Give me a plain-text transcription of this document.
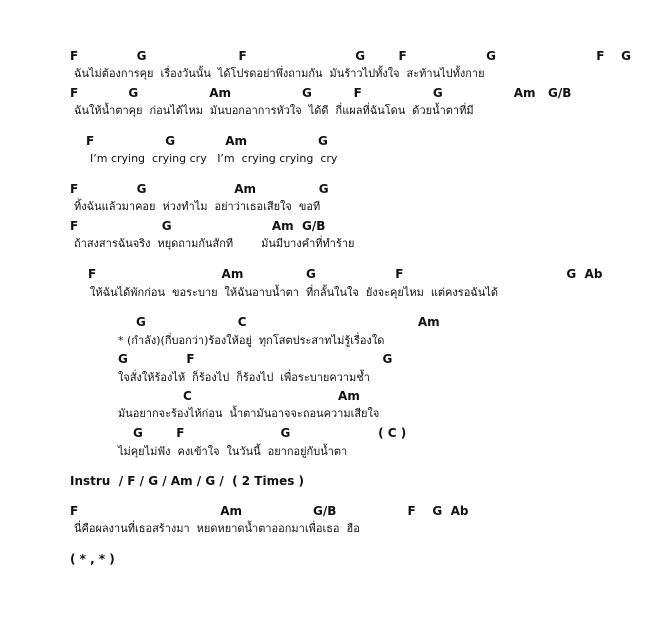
F              G                      F                          G        F                   G                        F    G
ฉันไม่ต้องการคุย  เรื่องวันนั้น  ได้โปรดอย่าพึ่งถามกัน  มันร้าวไปทั้งใจ  สะท้านไปทั้งกาย
F            G                 Am                 G          F                 G                 Am   G/B
ฉันให้น้ำตาคุย  ก่อนได้ไหม  มันบอกอาการหัวใจ  ได้ดี  กี่แผลที่ฉันโดน  ด้วยน้ำตาที่มี
F                 G            Am                 G
I’m crying  crying cry   I’m  crying crying  cry
F              G                     Am               G
ทิ้งฉันแล้วมาคอย  ห่วงทำไม  อย่าว่าเธอเสียใจ  ขอที
F                    G                        Am  G/B
ถ้าสงสารฉันจริง  หยุดถามกันสักที        มันมีบางคำที่ทำร้าย
F                              Am               G                   F                                       G  Ab
ให้ฉันได้พักก่อน  ขอระบาย  ให้ฉันอาบน้ำตา  ที่กลั้นในใจ  ยังจะคุยไหม  แต่คงรอฉันได้
G                      C                                         Am
* (กำลัง)(กี่บอกว่า)ร้องให้อยู่  ทุกโสตประสาทไม่รู้เรื่องใด
G              F                                             G
ใจสั่งให้ร้องไห้  ก็ร้องไป  ก็ร้องไป  เพื่อระบายความช้ำ
C                                   Am
มันอยากจะร้องไห้ก่อน  น้ำตามันอาจจะถอนความเสียใจ
G        F                       G                     ( C )
ไม่คุยไม่ฟัง  คงเข้าใจ  ในวันนี้  อยากอยู่กับน้ำตา
Instru  / F / G / Am / G /  ( 2 Times )
F                                  Am                 G/B                 F    G  Ab
นี่คือผลงานที่เธอสร้างมา  หยดหยาดน้ำตาออกมาเพื่อเธอ  ฮือ
( * , * )
